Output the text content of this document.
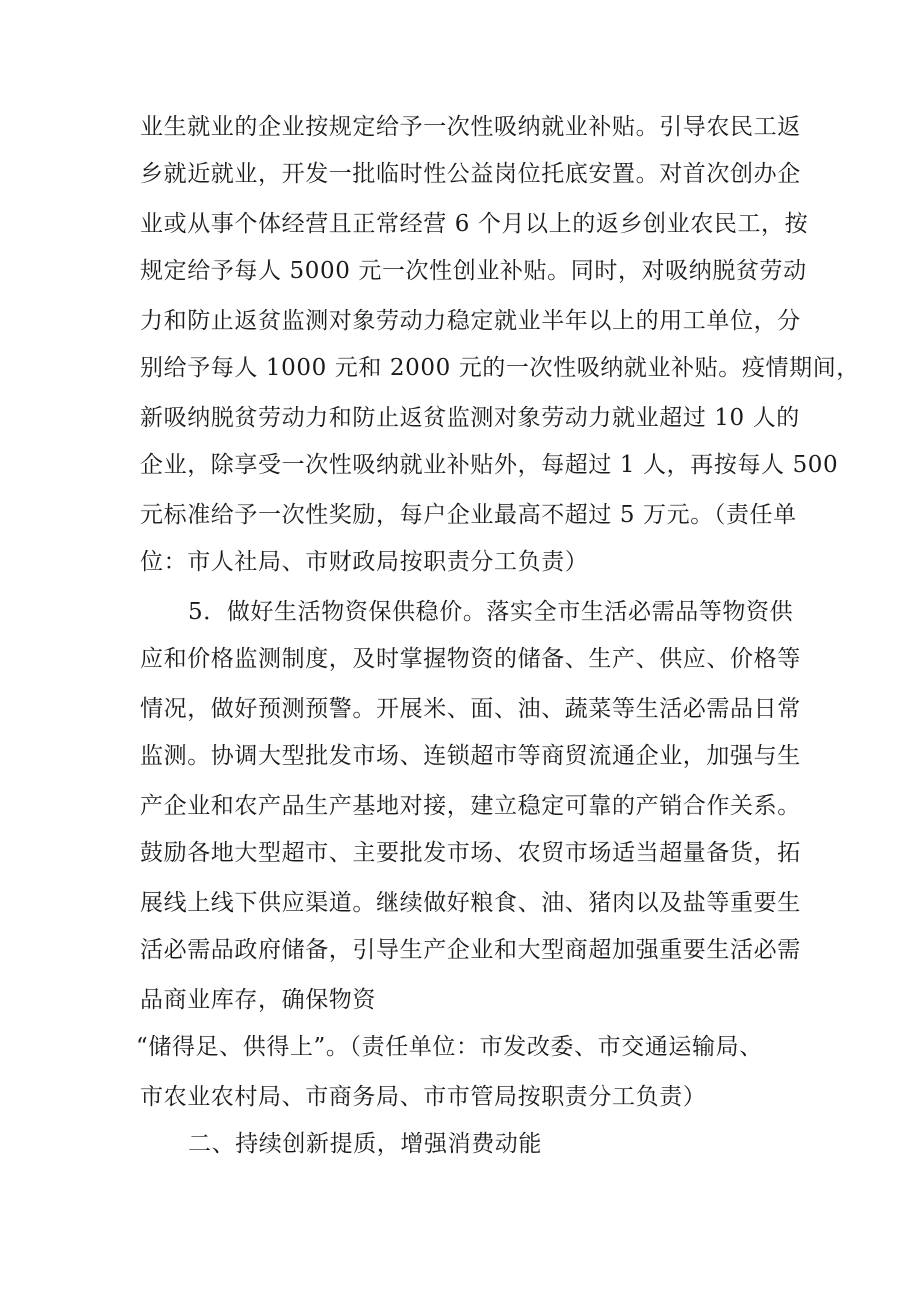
业生就业的企业按规定给予一次性吸纳就业补贴。引导农民工返
乡就近就业，开发一批临时性公益岗位托底安置。对首次创办企
业或从事个体经营且正常经营 6 个月以上的返乡创业农民工，按
规定给予每人 5000 元一次性创业补贴。同时，对吸纳脱贫劳动
力和防止返贫监测对象劳动力稳定就业半年以上的用工单位，分
别给予每人 1000 元和 2000 元的一次性吸纳就业补贴。疫情期间，
新吸纳脱贫劳动力和防止返贫监测对象劳动力就业超过 10 人的
企业，除享受一次性吸纳就业补贴外，每超过 1 人，再按每人 500
元标准给予一次性奖励，每户企业最高不超过 5 万元。（责任单
位：市人社局、市财政局按职责分工负责）
5．做好生活物资保供稳价。落实全市生活必需品等物资供
应和价格监测制度，及时掌握物资的储备、生产、供应、价格等
情况，做好预测预警。开展米、面、油、蔬菜等生活必需品日常
监测。协调大型批发市场、连锁超市等商贸流通企业，加强与生
产企业和农产品生产基地对接，建立稳定可靠的产销合作关系。
鼓励各地大型超市、主要批发市场、农贸市场适当超量备货，拓
展线上线下供应渠道。继续做好粮食、油、猪肉以及盐等重要生
活必需品政府储备，引导生产企业和大型商超加强重要生活必需
品商业库存，确保物资
“储得足、供得上”。（责任单位：市发改委、市交通运输局、
市农业农村局、市商务局、市市管局按职责分工负责）
二、持续创新提质，增强消费动能
